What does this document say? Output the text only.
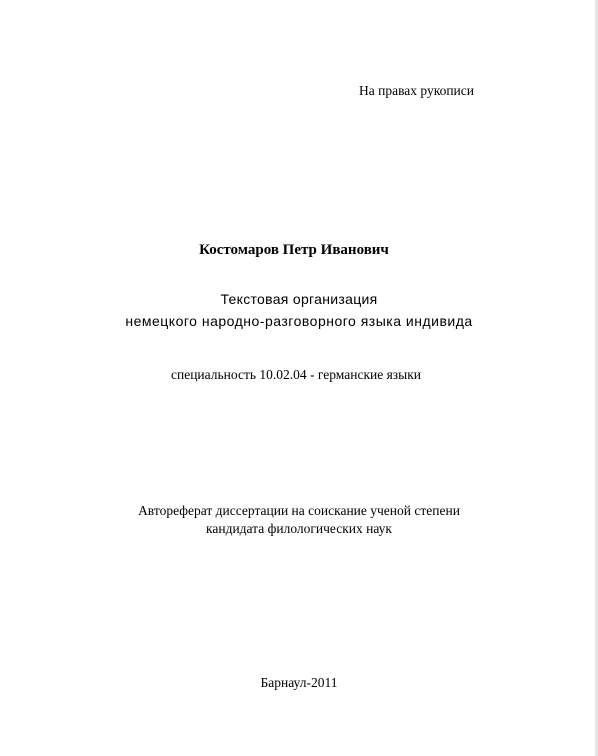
На правах рукописи
Костомаров Петр Иванович
Текстовая организация
немецкого народно-разговорного языка индивида
специальность 10.02.04 - германские языки
Автореферат диссертации на соискание ученой степени
кандидата филологических наук
Барнаул-2011
